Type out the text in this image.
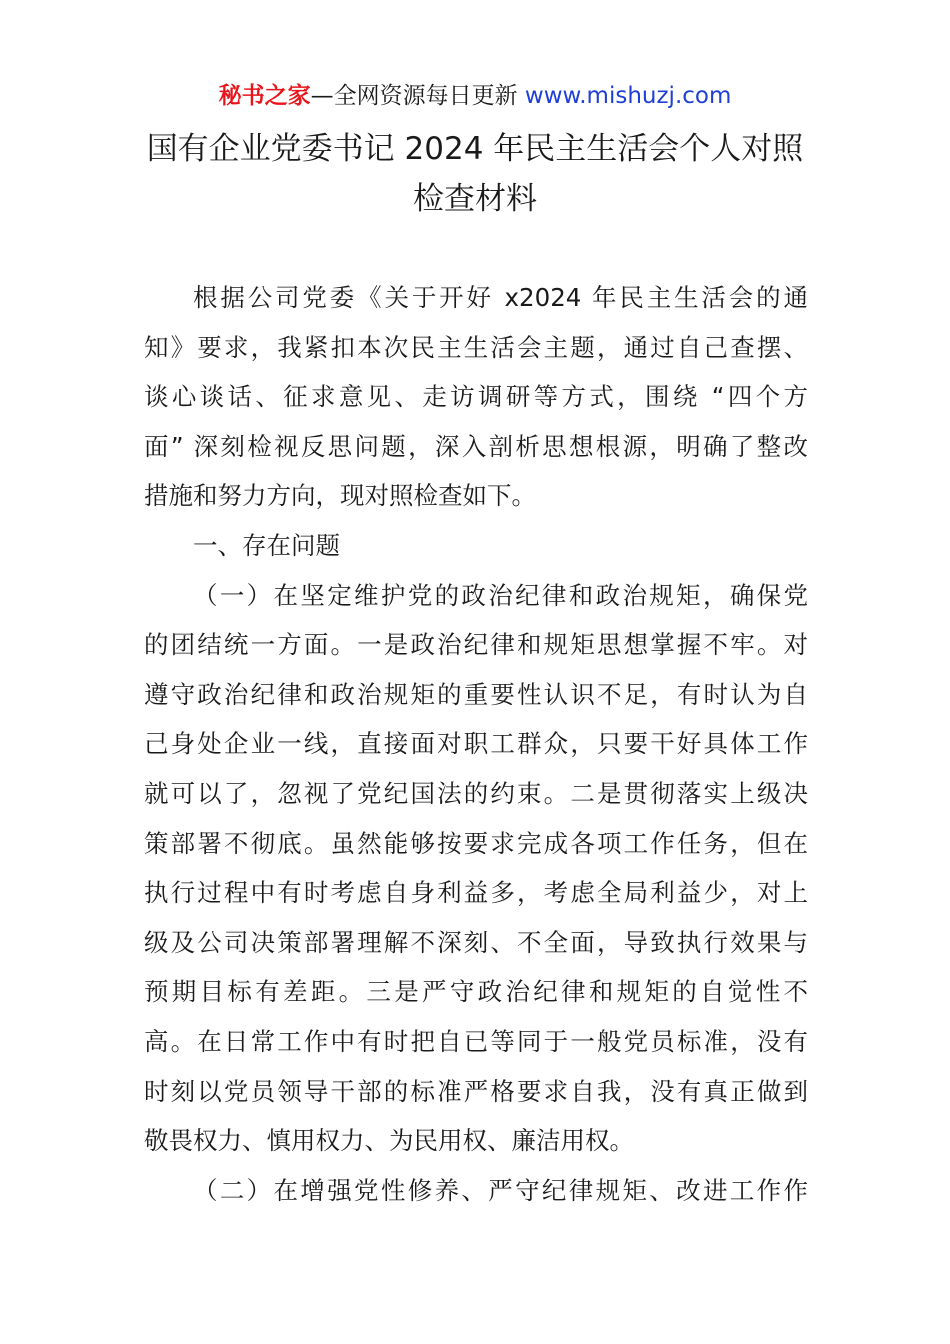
秘书之家—全网资源每日更新 www.mishuzj.com
国有企业党委书记 2024 年民主生活会个人对照
检查材料
根据公司党委《关于开好 x2024 年民主生活会的通
知》要求，我紧扣本次民主生活会主题，通过自己查摆、
谈心谈话、征求意见、走访调研等方式，围绕 “四个方
面” 深刻检视反思问题，深入剖析思想根源，明确了整改
措施和努力方向，现对照检查如下。
一、存在问题
（一）在坚定维护党的政治纪律和政治规矩，确保党
的团结统一方面。一是政治纪律和规矩思想掌握不牢。对
遵守政治纪律和政治规矩的重要性认识不足，有时认为自
己身处企业一线，直接面对职工群众，只要干好具体工作
就可以了，忽视了党纪国法的约束。二是贯彻落实上级决
策部署不彻底。虽然能够按要求完成各项工作任务，但在
执行过程中有时考虑自身利益多，考虑全局利益少，对上
级及公司决策部署理解不深刻、不全面，导致执行效果与
预期目标有差距。三是严守政治纪律和规矩的自觉性不
高。在日常工作中有时把自已等同于一般党员标准，没有
时刻以党员领导干部的标准严格要求自我，没有真正做到
敬畏权力、慎用权力、为民用权、廉洁用权。
（二）在增强党性修养、严守纪律规矩、改进工作作
